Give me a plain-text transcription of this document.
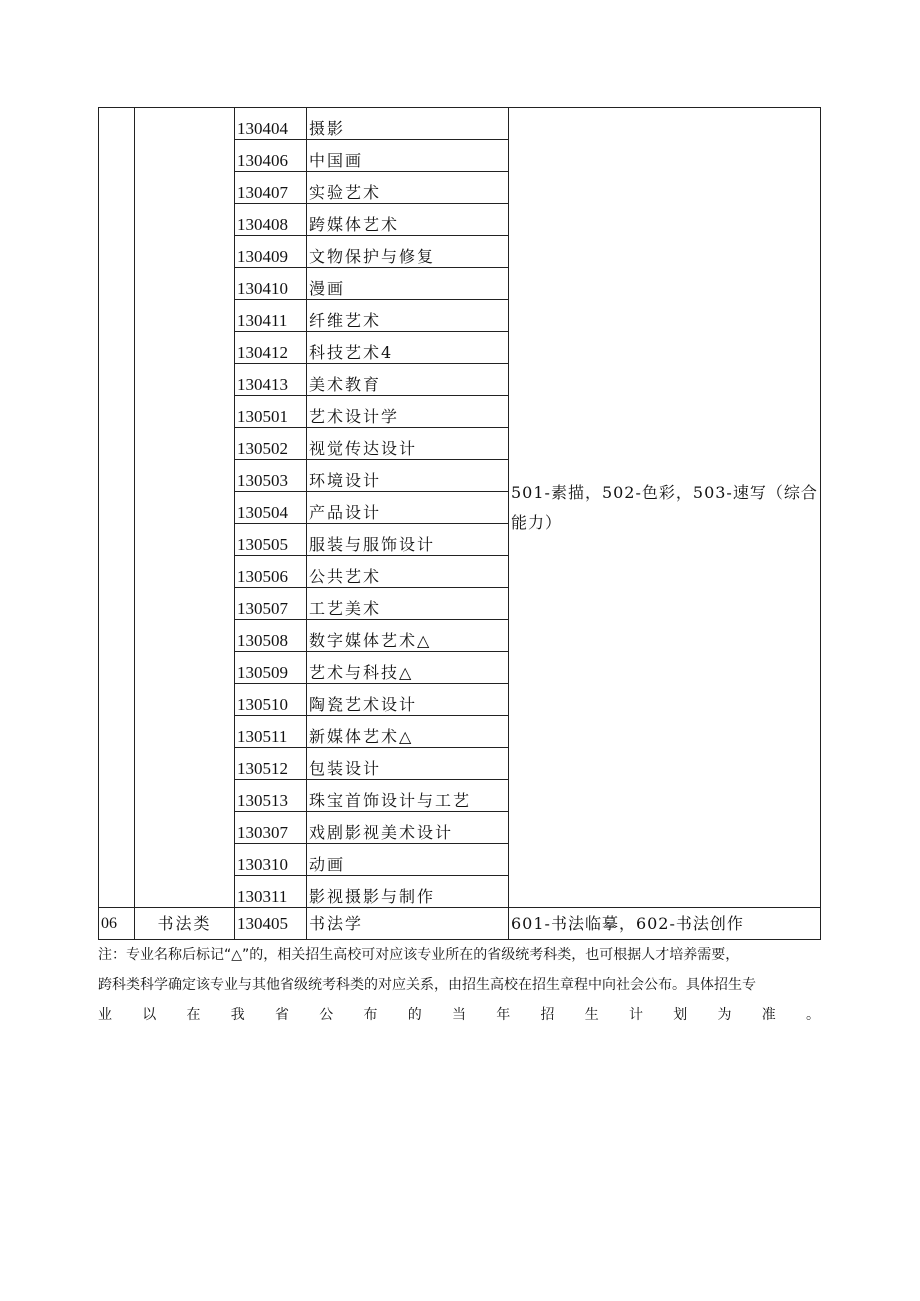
		130404	摄影	501-素描，502-色彩，503-速写（综合能力）
		130406	中国画	
		130407	实验艺术	
		130408	跨媒体艺术	
		130409	文物保护与修复	
		130410	漫画	
		130411	纤维艺术	
		130412	科技艺术4	
		130413	美术教育	
		130501	艺术设计学	
		130502	视觉传达设计	
		130503	环境设计	
		130504	产品设计	
		130505	服装与服饰设计	
		130506	公共艺术	
		130507	工艺美术	
		130508	数字媒体艺术△	
		130509	艺术与科技△	
		130510	陶瓷艺术设计	
		130511	新媒体艺术△	
		130512	包装设计	
		130513	珠宝首饰设计与工艺	
		130307	戏剧影视美术设计	
		130310	动画	
		130311	影视摄影与制作	
06	书法类	130405	书法学	601-书法临摹，602-书法创作
注：专业名称后标记“△”的，相关招生高校可对应该专业所在的省级统考科类，也可根据人才培养需要，
跨科类科学确定该专业与其他省级统考科类的对应关系，由招生高校在招生章程中向社会公布。具体招生专
业以在我省公布的当年招生计划为准。
